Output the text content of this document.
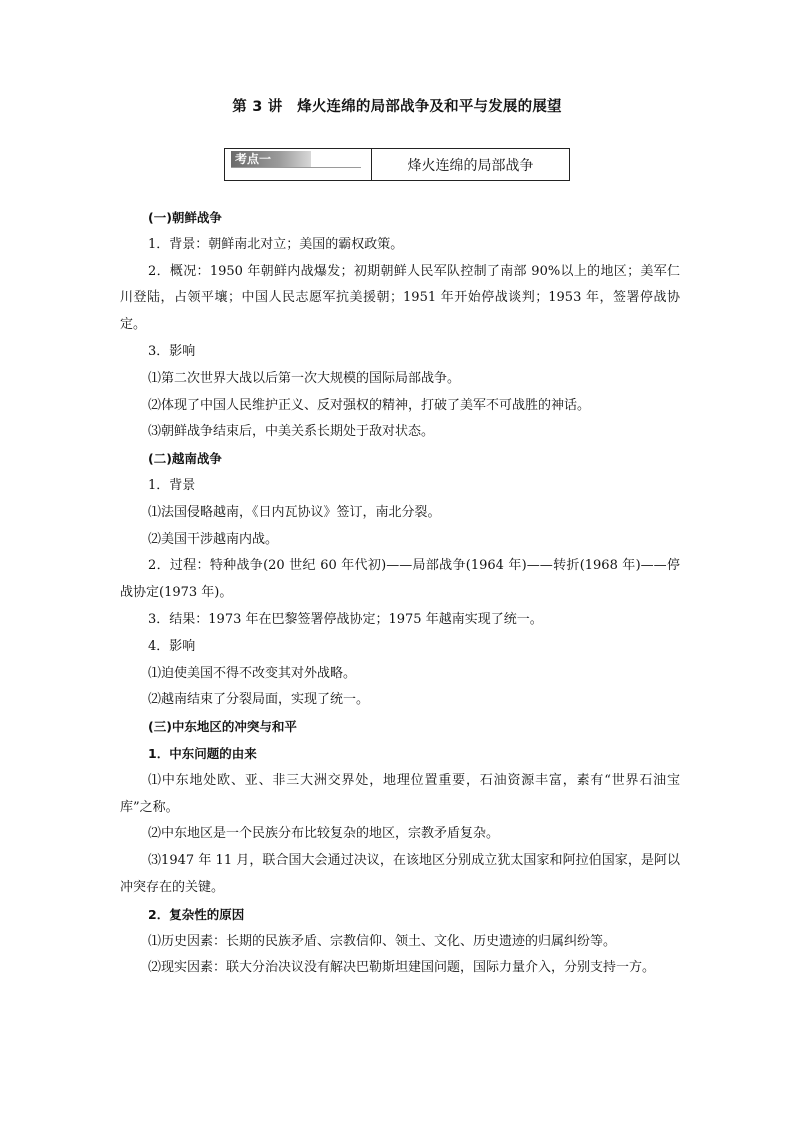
第 3 讲　烽火连绵的局部战争及和平与发展的展望
考点一	烽火连绵的局部战争

(一)朝鲜战争

1．背景：朝鲜南北对立；美国的霸权政策。

2．概况：1950 年朝鲜内战爆发；初期朝鲜人民军队控制了南部 90%以上的地区；美军仁川登陆，占领平壤；中国人民志愿军抗美援朝；1951 年开始停战谈判；1953 年，签署停战协定。

3．影响

⑴第二次世界大战以后第一次大规模的国际局部战争。

⑵体现了中国人民维护正义、反对强权的精神，打破了美军不可战胜的神话。

⑶朝鲜战争结束后，中美关系长期处于敌对状态。

(二)越南战争

1．背景

⑴法国侵略越南，《日内瓦协议》签订，南北分裂。

⑵美国干涉越南内战。

2．过程：特种战争(20 世纪 60 年代初)——局部战争(1964 年)——转折(1968 年)——停战协定(1973 年)。

3．结果：1973 年在巴黎签署停战协定；1975 年越南实现了统一。

4．影响

⑴迫使美国不得不改变其对外战略。

⑵越南结束了分裂局面，实现了统一。

(三)中东地区的冲突与和平

1．中东问题的由来

⑴中东地处欧、亚、非三大洲交界处，地理位置重要，石油资源丰富，素有“世界石油宝库”之称。

⑵中东地区是一个民族分布比较复杂的地区，宗教矛盾复杂。

⑶1947 年 11 月，联合国大会通过决议，在该地区分别成立犹太国家和阿拉伯国家，是阿以冲突存在的关键。

2．复杂性的原因

⑴历史因素：长期的民族矛盾、宗教信仰、领土、文化、历史遗迹的归属纠纷等。

⑵现实因素：联大分治决议没有解决巴勒斯坦建国问题，国际力量介入，分别支持一方。
